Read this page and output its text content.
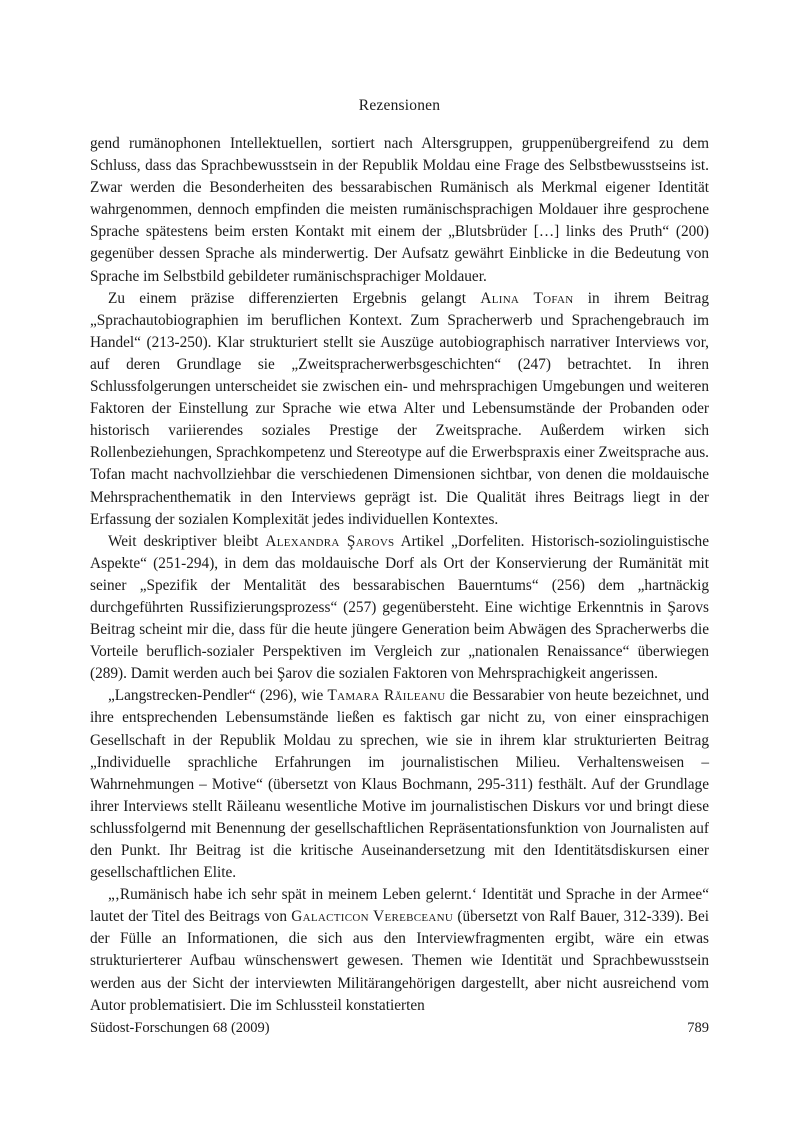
Rezensionen

gend rumänophonen Intellektuellen, sortiert nach Altersgruppen, gruppenübergreifend zu dem Schluss, dass das Sprachbewusstsein in der Republik Moldau eine Frage des Selbstbewusstseins ist. Zwar werden die Besonderheiten des bessarabischen Rumänisch als Merkmal eigener Identität wahrgenommen, dennoch empfinden die meisten rumänischsprachigen Moldauer ihre gesprochene Sprache spätestens beim ersten Kontakt mit einem der „Blutsbrüder […] links des Pruth“ (200) gegenüber dessen Sprache als minderwertig. Der Aufsatz gewährt Einblicke in die Bedeutung von Sprache im Selbstbild gebildeter rumänischsprachiger Moldauer.

Zu einem präzise differenzierten Ergebnis gelangt Alina Tofan in ihrem Beitrag „Sprachautobiographien im beruflichen Kontext. Zum Spracherwerb und Sprachengebrauch im Handel“ (213-250). Klar strukturiert stellt sie Auszüge autobiographisch narrativer Interviews vor, auf deren Grundlage sie „Zweitspracherwerbsgeschichten“ (247) betrachtet. In ihren Schlussfolgerungen unterscheidet sie zwischen ein- und mehrsprachigen Umgebungen und weiteren Faktoren der Einstellung zur Sprache wie etwa Alter und Lebensumstände der Probanden oder historisch variierendes soziales Prestige der Zweitsprache. Außerdem wirken sich Rollenbeziehungen, Sprachkompetenz und Stereotype auf die Erwerbspraxis einer Zweitsprache aus. Tofan macht nachvollziehbar die verschiedenen Dimensionen sichtbar, von denen die moldauische Mehrsprachenthematik in den Interviews geprägt ist. Die Qualität ihres Beitrags liegt in der Erfassung der sozialen Komplexität jedes individuellen Kontextes.

Weit deskriptiver bleibt Alexandra Şarovs Artikel „Dorfeliten. Historisch-soziolinguistische Aspekte“ (251-294), in dem das moldauische Dorf als Ort der Konservierung der Rumänität mit seiner „Spezifik der Mentalität des bessarabischen Bauerntums“ (256) dem „hartnäckig durchgeführten Russifizierungsprozess“ (257) gegenübersteht. Eine wichtige Erkenntnis in Şarovs Beitrag scheint mir die, dass für die heute jüngere Generation beim Abwägen des Spracherwerbs die Vorteile beruflich-sozialer Perspektiven im Vergleich zur „nationalen Renaissance“ überwiegen (289). Damit werden auch bei Şarov die sozialen Faktoren von Mehrsprachigkeit angerissen.

„Langstrecken-Pendler“ (296), wie Tamara Răileanu die Bessarabier von heute bezeichnet, und ihre entsprechenden Lebensumstände ließen es faktisch gar nicht zu, von einer einsprachigen Gesellschaft in der Republik Moldau zu sprechen, wie sie in ihrem klar strukturierten Beitrag „Individuelle sprachliche Erfahrungen im journalistischen Milieu. Verhaltensweisen – Wahrnehmungen – Motive“ (übersetzt von Klaus Bochmann, 295-311) festhält. Auf der Grundlage ihrer Interviews stellt Răileanu wesentliche Motive im journalistischen Diskurs vor und bringt diese schlussfolgernd mit Benennung der gesellschaftlichen Repräsentationsfunktion von Journalisten auf den Punkt. Ihr Beitrag ist die kritische Auseinandersetzung mit den Identitätsdiskursen einer gesellschaftlichen Elite.

„‚Rumänisch habe ich sehr spät in meinem Leben gelernt.‘ Identität und Sprache in der Armee“ lautet der Titel des Beitrags von Galacticon Verebceanu (übersetzt von Ralf Bauer, 312-339). Bei der Fülle an Informationen, die sich aus den Interviewfragmenten ergibt, wäre ein etwas strukturierterer Aufbau wünschenswert gewesen. Themen wie Identität und Sprachbewusstsein werden aus der Sicht der interviewten Militärangehörigen dargestellt, aber nicht ausreichend vom Autor problematisiert. Die im Schlussteil konstatierten

Südost-Forschungen 68 (2009)	789
